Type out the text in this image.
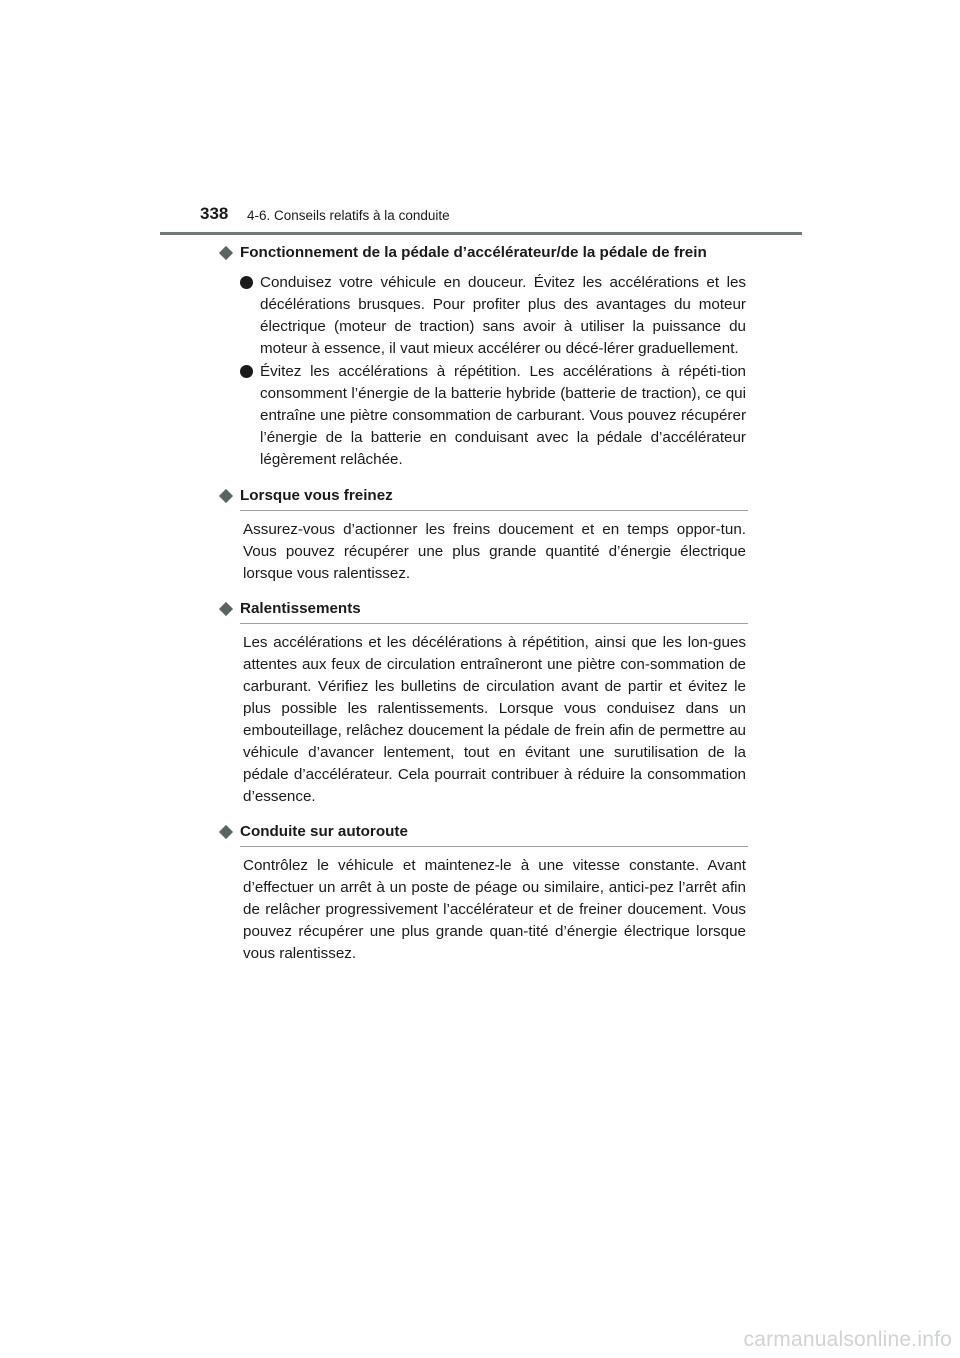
338 4-6. Conseils relatifs à la conduite
Fonctionnement de la pédale d’accélérateur/de la pédale de frein
Conduisez votre véhicule en douceur. Évitez les accélérations et les décélérations brusques. Pour profiter plus des avantages du moteur électrique (moteur de traction) sans avoir à utiliser la puissance du moteur à essence, il vaut mieux accélérer ou décé-lérer graduellement.
Évitez les accélérations à répétition. Les accélérations à répéti-tion consomment l’énergie de la batterie hybride (batterie de traction), ce qui entraîne une piètre consommation de carburant. Vous pouvez récupérer l’énergie de la batterie en conduisant avec la pédale d’accélérateur légèrement relâchée.
Lorsque vous freinez

Assurez-vous d’actionner les freins doucement et en temps oppor-tun. Vous pouvez récupérer une plus grande quantité d’énergie électrique lorsque vous ralentissez.

Ralentissements

Les accélérations et les décélérations à répétition, ainsi que les lon-gues attentes aux feux de circulation entraîneront une piètre con-sommation de carburant. Vérifiez les bulletins de circulation avant de partir et évitez le plus possible les ralentissements. Lorsque vous conduisez dans un embouteillage, relâchez doucement la pédale de frein afin de permettre au véhicule d’avancer lentement, tout en évitant une surutilisation de la pédale d’accélérateur. Cela pourrait contribuer à réduire la consommation d’essence.

Conduite sur autoroute

Contrôlez le véhicule et maintenez-le à une vitesse constante. Avant d’effectuer un arrêt à un poste de péage ou similaire, antici-pez l’arrêt afin de relâcher progressivement l’accélérateur et de freiner doucement. Vous pouvez récupérer une plus grande quan-tité d’énergie électrique lorsque vous ralentissez.

carmanualsonline.info
